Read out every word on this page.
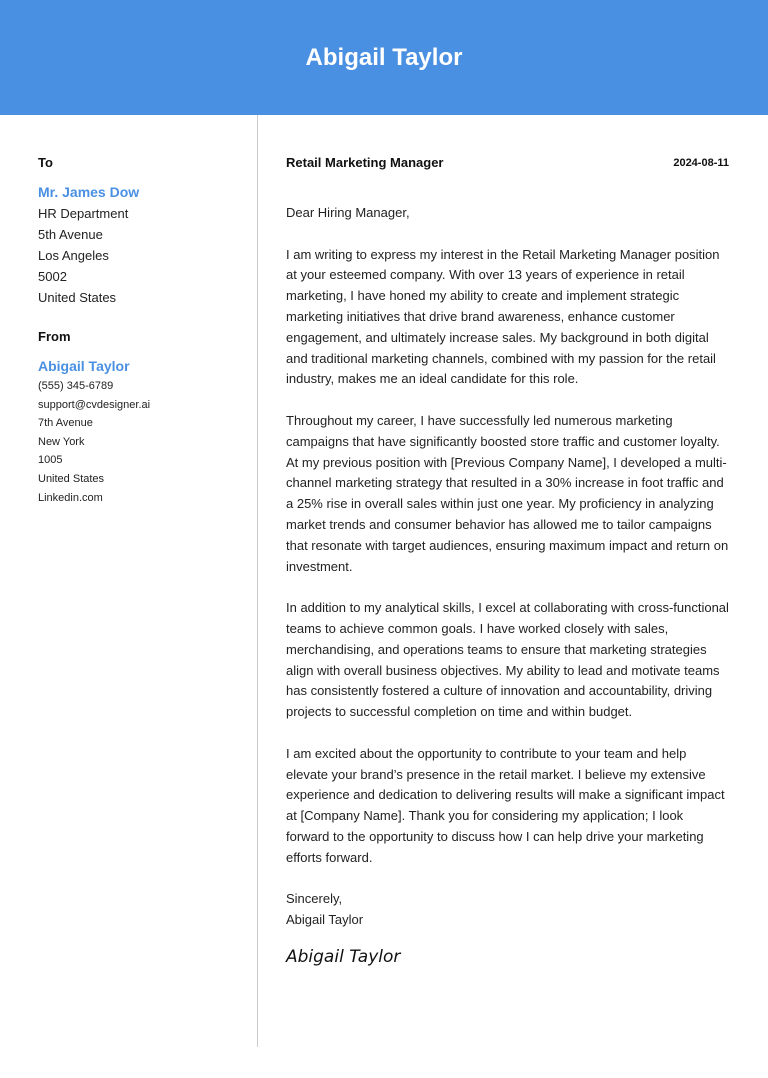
Abigail Taylor
To
Mr. James Dow
HR Department
5th Avenue
Los Angeles
5002
United States
From
Abigail Taylor
(555) 345-6789
support@cvdesigner.ai
7th Avenue
New York
1005
United States
Linkedin.com
Retail Marketing Manager	2024-08-11
Dear Hiring Manager,
I am writing to express my interest in the Retail Marketing Manager position at your esteemed company. With over 13 years of experience in retail marketing, I have honed my ability to create and implement strategic marketing initiatives that drive brand awareness, enhance customer engagement, and ultimately increase sales. My background in both digital and traditional marketing channels, combined with my passion for the retail industry, makes me an ideal candidate for this role.
Throughout my career, I have successfully led numerous marketing campaigns that have significantly boosted store traffic and customer loyalty. At my previous position with [Previous Company Name], I developed a multi-channel marketing strategy that resulted in a 30% increase in foot traffic and a 25% rise in overall sales within just one year. My proficiency in analyzing market trends and consumer behavior has allowed me to tailor campaigns that resonate with target audiences, ensuring maximum impact and return on investment.
In addition to my analytical skills, I excel at collaborating with cross-functional teams to achieve common goals. I have worked closely with sales, merchandising, and operations teams to ensure that marketing strategies align with overall business objectives. My ability to lead and motivate teams has consistently fostered a culture of innovation and accountability, driving projects to successful completion on time and within budget.
I am excited about the opportunity to contribute to your team and help elevate your brand’s presence in the retail market. I believe my extensive experience and dedication to delivering results will make a significant impact at [Company Name]. Thank you for considering my application; I look forward to the opportunity to discuss how I can help drive your marketing efforts forward.
Sincerely,
Abigail Taylor
Abigail Taylor
